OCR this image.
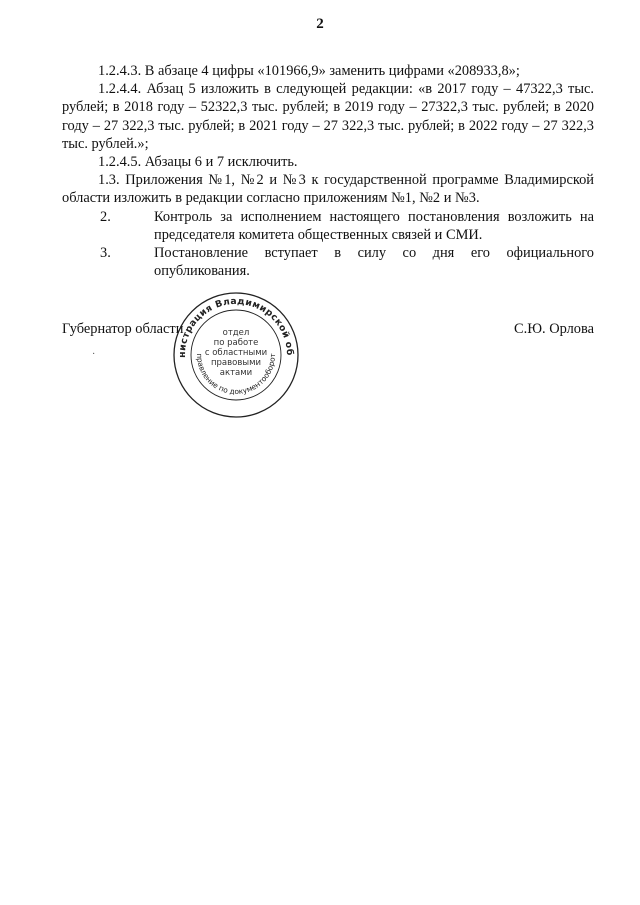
2

1.2.4.3. В абзаце 4 цифры «101966,9» заменить цифрами «208933,8»;

1.2.4.4. Абзац 5 изложить в следующей редакции: «в 2017 году – 47322,3 тыс. рублей; в 2018 году – 52322,3 тыс. рублей; в 2019 году – 27322,3 тыс. рублей; в 2020 году – 27 322,3 тыс. рублей; в 2021 году – 27 322,3 тыс. рублей; в 2022 году – 27 322,3 тыс. рублей.»;

1.2.4.5. Абзацы 6 и 7 исключить.

1.3. Приложения №1, №2 и №3 к государственной программе Владимирской области изложить в редакции согласно приложениям №1, №2 и №3.

2.	Контроль за исполнением настоящего постановления возложить на председателя комитета общественных связей и СМИ.
3.	Постановление вступает в силу со дня его официального опубликования.
Губернатор области	С.Ю. Орлова
нистрация Владимирской об
правление по документооборот
отдел
по работе
с областными
правовыми
актами
·
